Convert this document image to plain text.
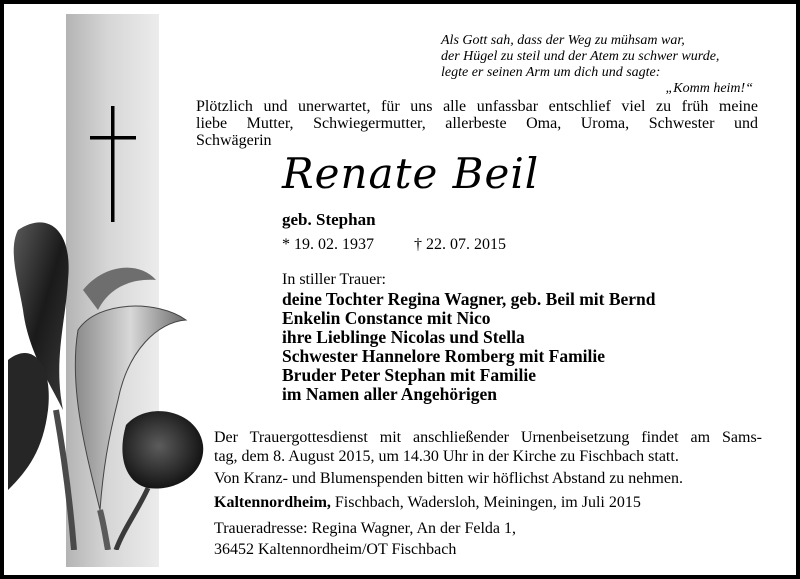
Als Gott sah, dass der Weg zu mühsam war,
der Hügel zu steil und der Atem zu schwer wurde,
legte er seinen Arm um dich und sagte:
„Komm heim!“
Plötzlich und unerwartet, für uns alle unfassbar entschlief viel zu früh meine
liebe Mutter, Schwiegermutter, allerbeste Oma, Uroma, Schwester und
Schwägerin
Renate Beil
geb. Stephan
* 19. 02. 1937	† 22. 07. 2015
In stiller Trauer:
deine Tochter Regina Wagner, geb. Beil mit Bernd
Enkelin Constance mit Nico
ihre Lieblinge Nicolas und Stella
Schwester Hannelore Romberg mit Familie
Bruder Peter Stephan mit Familie
im Namen aller Angehörigen
Der Trauergottesdienst mit anschließender Urnenbeisetzung findet am Sams-
tag, dem 8. August 2015, um 14.30 Uhr in der Kirche zu Fischbach statt.
Von Kranz- und Blumenspenden bitten wir höflichst Abstand zu nehmen.
Kaltennordheim, Fischbach, Wadersloh, Meiningen, im Juli 2015
Traueradresse: Regina Wagner, An der Felda 1,
36452 Kaltennordheim/OT Fischbach
